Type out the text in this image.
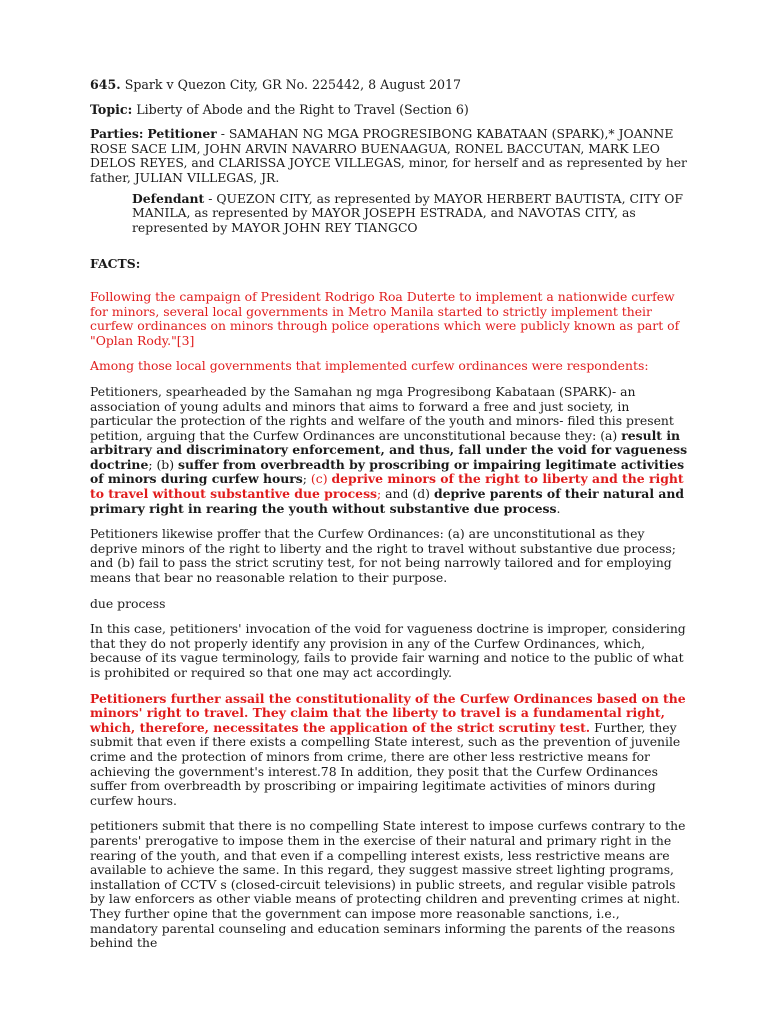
645. Spark v Quezon City, GR No. 225442, 8 August 2017

Topic: Liberty of Abode and the Right to Travel (Section 6)

Parties: Petitioner - SAMAHAN NG MGA PROGRESIBONG KABATAAN (SPARK),* JOANNE ROSE SACE LIM, JOHN ARVIN NAVARRO BUENAAGUA, RONEL BACCUTAN, MARK LEO DELOS REYES, and CLARISSA JOYCE VILLEGAS, minor, for herself and as represented by her father, JULIAN VILLEGAS, JR.

Defendant - QUEZON CITY, as represented by MAYOR HERBERT BAUTISTA, CITY OF MANILA, as represented by MAYOR JOSEPH ESTRADA, and NAVOTAS CITY, as represented by MAYOR JOHN REY TIANGCO

FACTS:

Following the campaign of President Rodrigo Roa Duterte to implement a nationwide curfew for minors, several local governments in Metro Manila started to strictly implement their curfew ordinances on minors through police operations which were publicly known as part of "Oplan Rody."[3]

Among those local governments that implemented curfew ordinances were respondents:

Petitioners, spearheaded by the Samahan ng mga Progresibong Kabataan (SPARK)- an association of young adults and minors that aims to forward a free and just society, in particular the protection of the rights and welfare of the youth and minors- filed this present petition, arguing that the Curfew Ordinances are unconstitutional because they: (a) result in arbitrary and discriminatory enforcement, and thus, fall under the void for vagueness doctrine; (b) suffer from overbreadth by proscribing or impairing legitimate activities of minors during curfew hours; (c) deprive minors of the right to liberty and the right to travel without substantive due process; and (d) deprive parents of their natural and primary right in rearing the youth without substantive due process.

Petitioners likewise proffer that the Curfew Ordinances: (a) are unconstitutional as they deprive minors of the right to liberty and the right to travel without substantive due process; and (b) fail to pass the strict scrutiny test, for not being narrowly tailored and for employing means that bear no reasonable relation to their purpose.

due process

In this case, petitioners' invocation of the void for vagueness doctrine is improper, considering that they do not properly identify any provision in any of the Curfew Ordinances, which, because of its vague terminology, fails to provide fair warning and notice to the public of what is prohibited or required so that one may act accordingly.

Petitioners further assail the constitutionality of the Curfew Ordinances based on the minors' right to travel. They claim that the liberty to travel is a fundamental right, which, therefore, necessitates the application of the strict scrutiny test. Further, they submit that even if there exists a compelling State interest, such as the prevention of juvenile crime and the protection of minors from crime, there are other less restrictive means for achieving the government's interest.78 In addition, they posit that the Curfew Ordinances suffer from overbreadth by proscribing or impairing legitimate activities of minors during curfew hours.

petitioners submit that there is no compelling State interest to impose curfews contrary to the parents' prerogative to impose them in the exercise of their natural and primary right in the rearing of the youth, and that even if a compelling interest exists, less restrictive means are available to achieve the same. In this regard, they suggest massive street lighting programs, installation of CCTV s (closed-circuit televisions) in public streets, and regular visible patrols by law enforcers as other viable means of protecting children and preventing crimes at night. They further opine that the government can impose more reasonable sanctions, i.e., mandatory parental counseling and education seminars informing the parents of the reasons behind the
